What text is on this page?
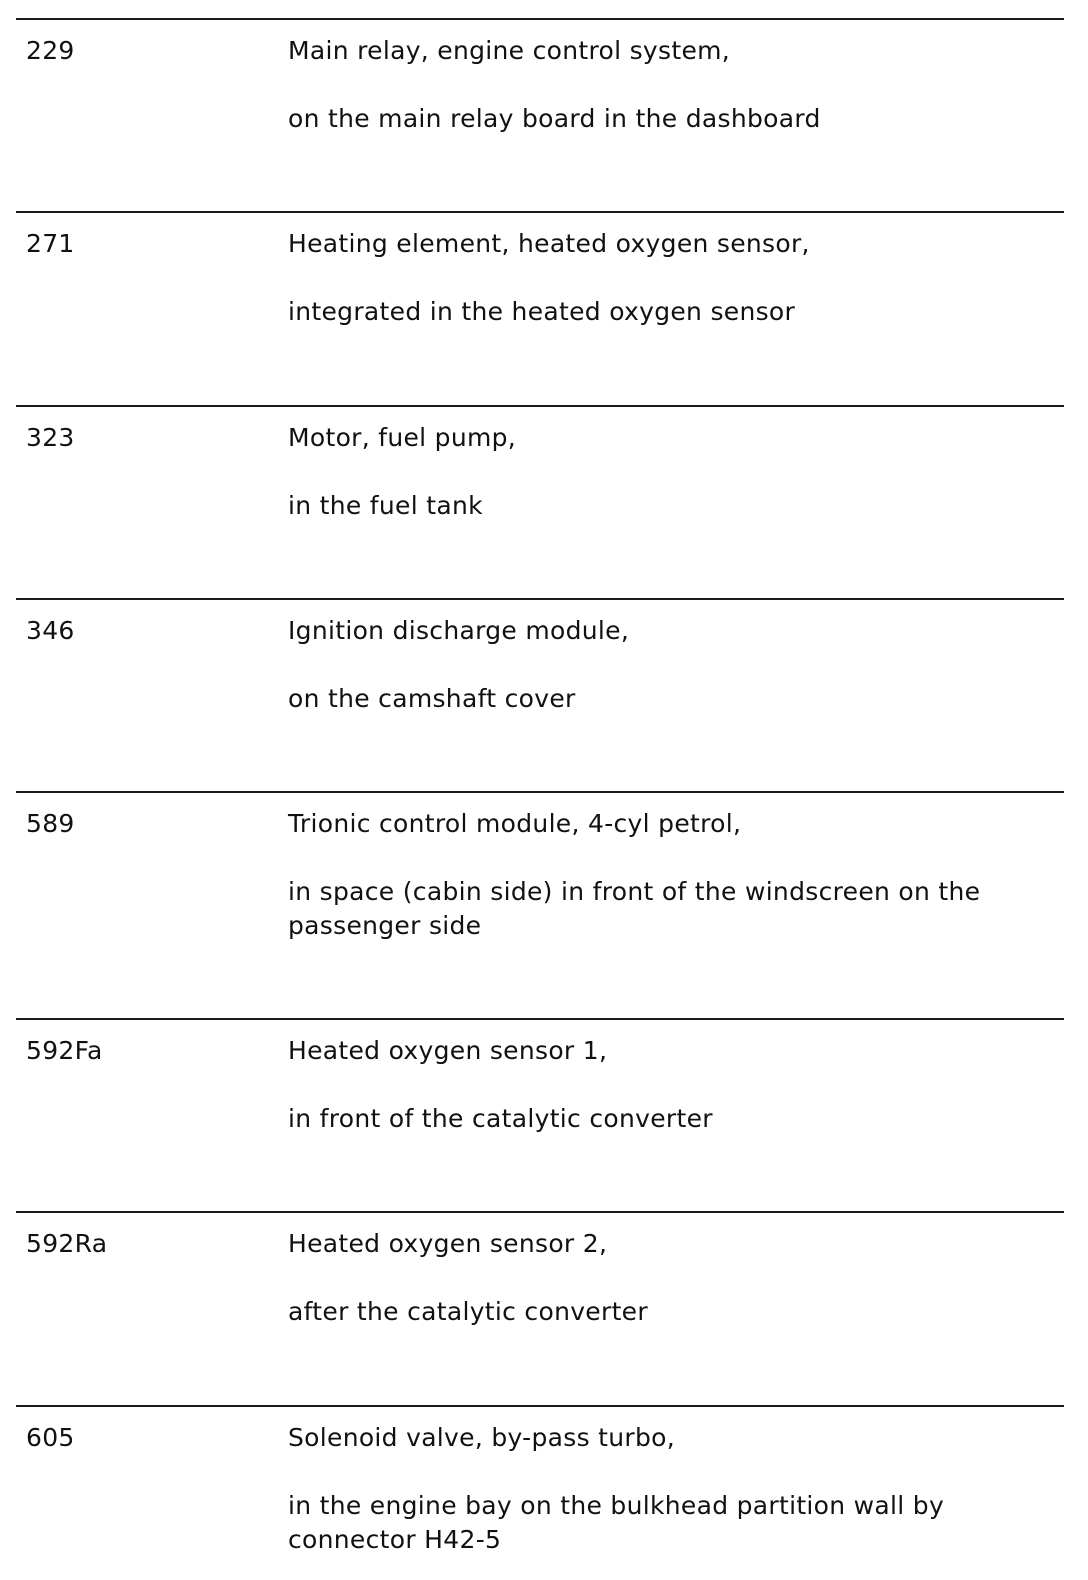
229	Main relay, engine control system,
on the main relay board in the dashboard
271	Heating element, heated oxygen sensor,
integrated in the heated oxygen sensor
323	Motor, fuel pump,
in the fuel tank
346	Ignition discharge module,
on the camshaft cover
589	Trionic control module, 4-cyl petrol,
in space (cabin side) in front of the windscreen on the passenger side
592Fa	Heated oxygen sensor 1,
in front of the catalytic converter
592Ra	Heated oxygen sensor 2,
after the catalytic converter
605	Solenoid valve, by-pass turbo,
in the engine bay on the bulkhead partition wall by connector H42-5
